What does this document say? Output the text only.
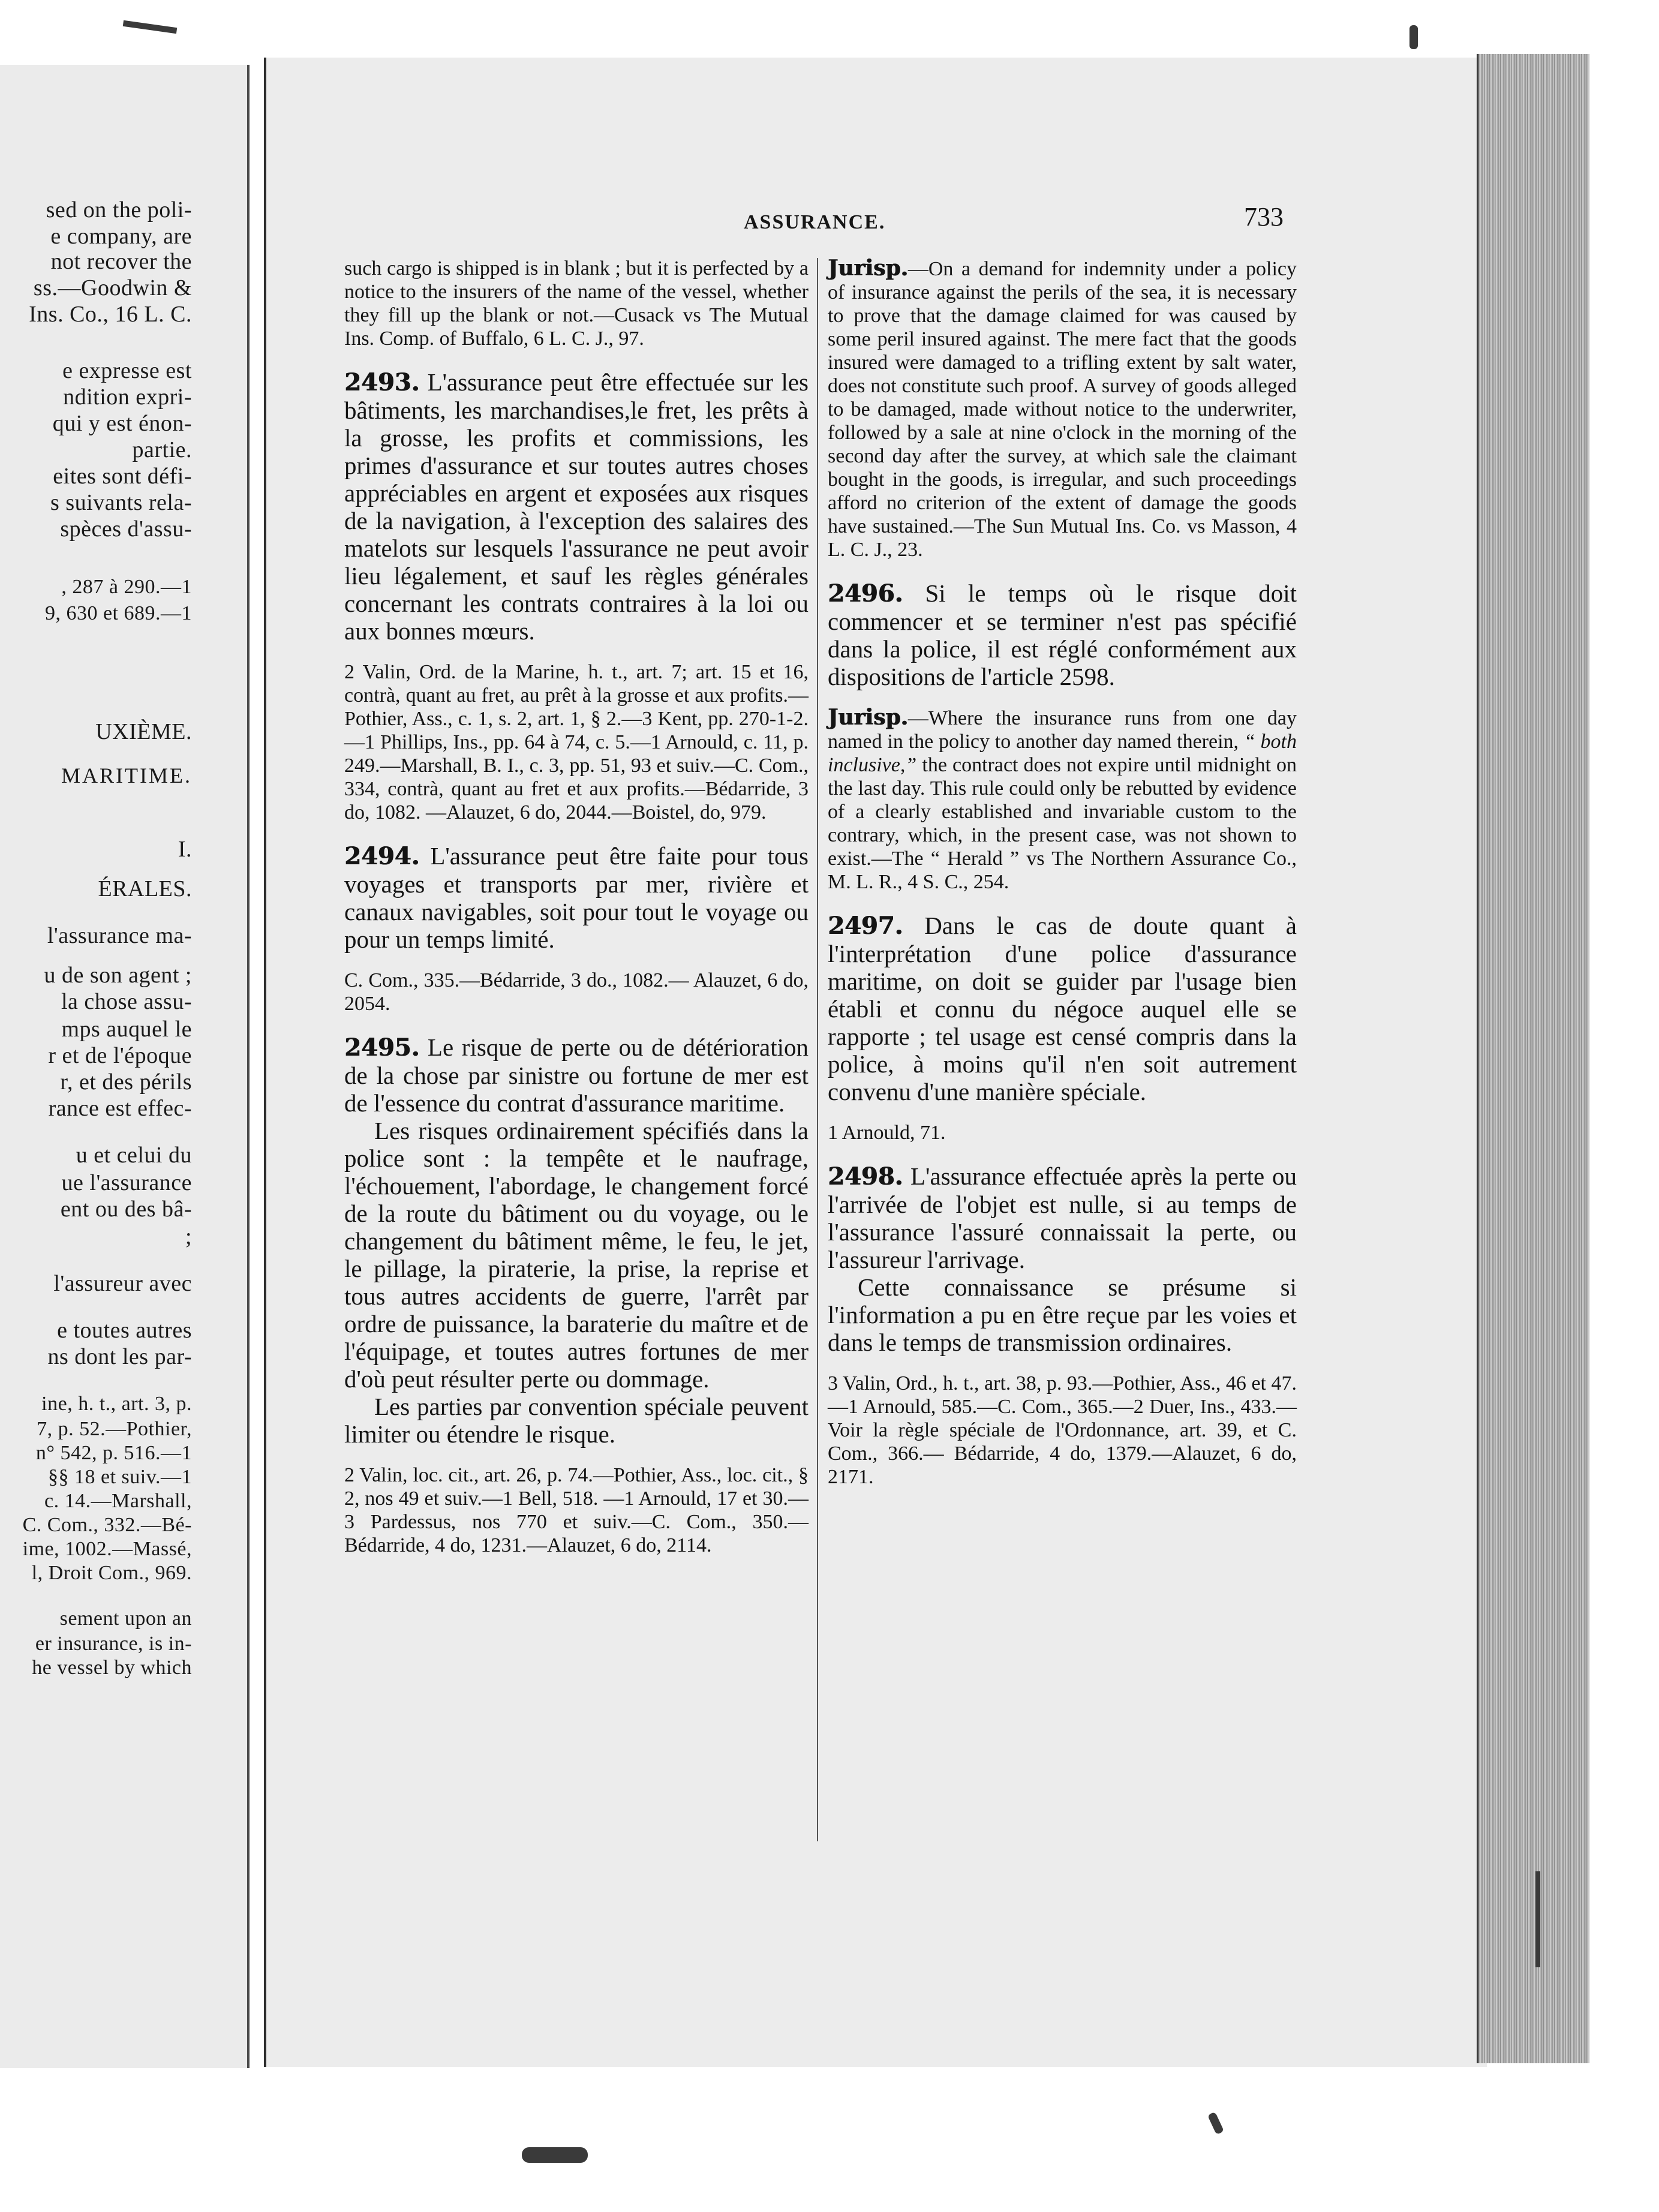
sed on the poli-
e company, are
not recover the
ss.—Goodwin &
Ins. Co., 16 L. C.
e expresse est
ndition expri-
qui y est énon-
partie.
eites sont défi-
s suivants rela-
spèces d'assu-
, 287 à 290.—1
9, 630 et 689.—1
UXIÈME.
MARITIME.
I.
ÉRALES.
l'assurance ma-
u de son agent ;
la chose assu-
mps auquel le
r et de l'époque
r, et des périls
rance est effec-
u et celui du
ue l'assurance
ent ou des bâ-
;
l'assureur avec
e toutes autres
ns dont les par-
ine, h. t., art. 3, p.
7, p. 52.—Pothier,
n° 542, p. 516.—1
§§ 18 et suiv.—1
c. 14.—Marshall,
C. Com., 332.—Bé-
ime, 1002.—Massé,
l, Droit Com., 969.
sement upon an
er insurance, is in-
he vessel by which
ASSURANCE.	733

such cargo is shipped is in blank ; but it is perfected by a notice to the insurers of the name of the vessel, whether they fill up the blank or not.—Cusack vs The Mutual Ins. Comp. of Buffalo, 6 L. C. J., 97.

2493. L'assurance peut être effectuée sur les bâtiments, les marchandises,le fret, les prêts à la grosse, les profits et commissions, les primes d'assurance et sur toutes autres choses appréciables en argent et exposées aux risques de la navigation, à l'exception des salaires des matelots sur lesquels l'assurance ne peut avoir lieu légalement, et sauf les règles générales concernant les contrats contraires à la loi ou aux bonnes mœurs.

2 Valin, Ord. de la Marine, h. t., art. 7; art. 15 et 16, contrà, quant au fret, au prêt à la grosse et aux profits.—Pothier, Ass., c. 1, s. 2, art. 1, § 2.—3 Kent, pp. 270-1-2.—1 Phillips, Ins., pp. 64 à 74, c. 5.—1 Arnould, c. 11, p. 249.—Marshall, B. I., c. 3, pp. 51, 93 et suiv.—C. Com., 334, contrà, quant au fret et aux profits.—Bédarride, 3 do, 1082. —Alauzet, 6 do, 2044.—Boistel, do, 979.

2494. L'assurance peut être faite pour tous voyages et transports par mer, rivière et canaux navigables, soit pour tout le voyage ou pour un temps limité.

C. Com., 335.—Bédarride, 3 do., 1082.— Alauzet, 6 do, 2054.

2495. Le risque de perte ou de détérioration de la chose par sinistre ou fortune de mer est de l'essence du contrat d'assurance maritime.

Les risques ordinairement spécifiés dans la police sont : la tempête et le naufrage, l'échouement, l'abordage, le changement forcé de la route du bâtiment ou du voyage, ou le changement du bâtiment même, le feu, le jet, le pillage, la piraterie, la prise, la reprise et tous autres accidents de guerre, l'arrêt par ordre de puissance, la baraterie du maître et de l'équipage, et toutes autres fortunes de mer d'où peut résulter perte ou dommage.

Les parties par convention spéciale peuvent limiter ou étendre le risque.

2 Valin, loc. cit., art. 26, p. 74.—Pothier, Ass., loc. cit., § 2, nos 49 et suiv.—1 Bell, 518. —1 Arnould, 17 et 30.—3 Pardessus, nos 770 et suiv.—C. Com., 350.— Bédarride, 4 do, 1231.—Alauzet, 6 do, 2114.

Jurisp.—On a demand for indemnity under a policy of insurance against the perils of the sea, it is necessary to prove that the damage claimed for was caused by some peril insured against. The mere fact that the goods insured were damaged to a trifling extent by salt water, does not constitute such proof. A survey of goods alleged to be damaged, made without notice to the underwriter, followed by a sale at nine o'clock in the morning of the second day after the survey, at which sale the claimant bought in the goods, is irregular, and such proceedings afford no criterion of the extent of damage the goods have sustained.—The Sun Mutual Ins. Co. vs Masson, 4 L. C. J., 23.

2496. Si le temps où le risque doit commencer et se terminer n'est pas spécifié dans la police, il est réglé conformément aux dispositions de l'article 2598.

Jurisp.—Where the insurance runs from one day named in the policy to another day named therein, “ both inclusive,” the contract does not expire until midnight on the last day. This rule could only be rebutted by evidence of a clearly established and invariable custom to the contrary, which, in the present case, was not shown to exist.—The “ Herald ” vs The Northern Assurance Co., M. L. R., 4 S. C., 254.

2497. Dans le cas de doute quant à l'interprétation d'une police d'assurance maritime, on doit se guider par l'usage bien établi et connu du négoce auquel elle se rapporte ; tel usage est censé compris dans la police, à moins qu'il n'en soit autrement convenu d'une manière spéciale.

1 Arnould, 71.

2498. L'assurance effectuée après la perte ou l'arrivée de l'objet est nulle, si au temps de l'assurance l'assuré connaissait la perte, ou l'assureur l'arrivage.

Cette connaissance se présume si l'information a pu en être reçue par les voies et dans le temps de transmission ordinaires.

3 Valin, Ord., h. t., art. 38, p. 93.—Pothier, Ass., 46 et 47.—1 Arnould, 585.—C. Com., 365.—2 Duer, Ins., 433.— Voir la règle spéciale de l'Ordonnance, art. 39, et C. Com., 366.— Bédarride, 4 do, 1379.—Alauzet, 6 do, 2171.
